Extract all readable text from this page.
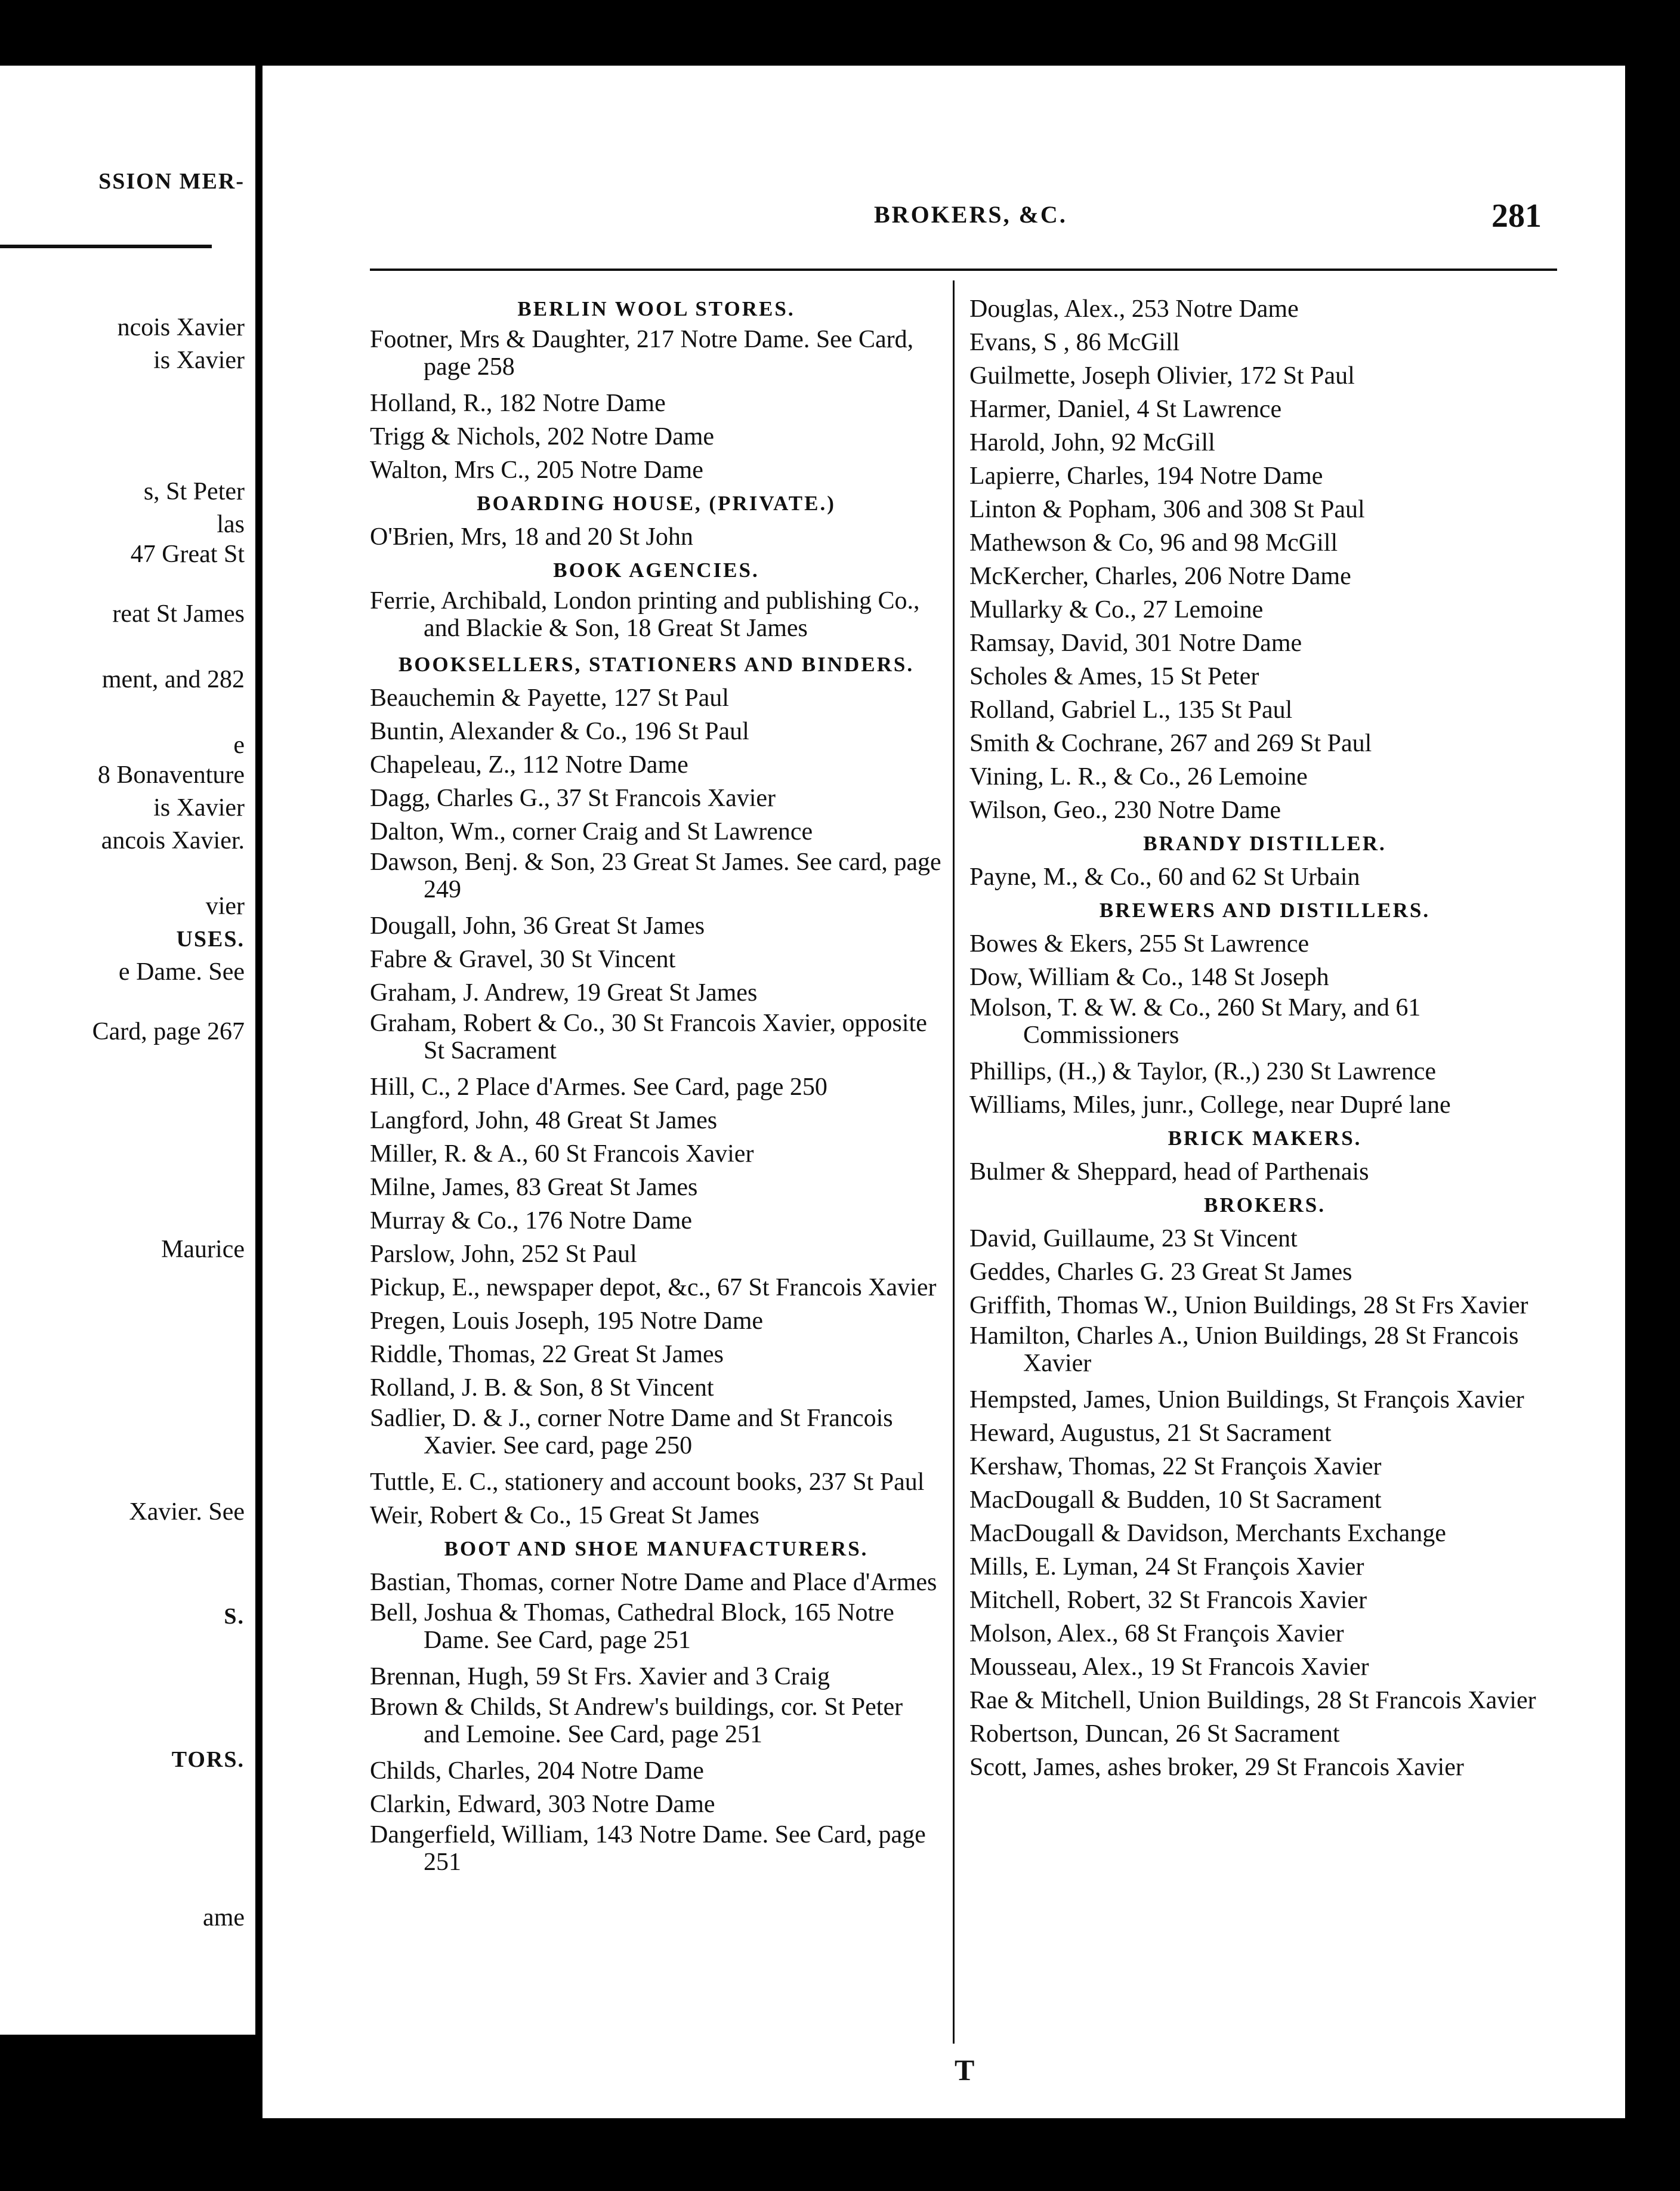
SSION MER-
ncois Xavier
is Xavier
s, St Peter
las
47 Great St
reat St James
ment, and 282
e
8 Bonaventure
is Xavier
ancois Xavier.
vier
USES.
e Dame. See
Card, page 267
Maurice
Xavier. See
S.
TORS.
ame
BROKERS, &C.	281
BERLIN WOOL STORES.
Footner, Mrs & Daughter, 217 Notre Dame. See Card, page 258
Holland, R., 182 Notre Dame
Trigg & Nichols, 202 Notre Dame
Walton, Mrs C., 205 Notre Dame
BOARDING HOUSE, (PRIVATE.)
O'Brien, Mrs, 18 and 20 St John
BOOK AGENCIES.
Ferrie, Archibald, London printing and publishing Co., and Blackie & Son, 18 Great St James
BOOKSELLERS, STATIONERS AND BINDERS.
Beauchemin & Payette, 127 St Paul
Buntin, Alexander & Co., 196 St Paul
Chapeleau, Z., 112 Notre Dame
Dagg, Charles G., 37 St Francois Xavier
Dalton, Wm., corner Craig and St Lawrence
Dawson, Benj. & Son, 23 Great St James. See card, page 249
Dougall, John, 36 Great St James
Fabre & Gravel, 30 St Vincent
Graham, J. Andrew, 19 Great St James
Graham, Robert & Co., 30 St Francois Xavier, opposite St Sacrament
Hill, C., 2 Place d'Armes. See Card, page 250
Langford, John, 48 Great St James
Miller, R. & A., 60 St Francois Xavier
Milne, James, 83 Great St James
Murray & Co., 176 Notre Dame
Parslow, John, 252 St Paul
Pickup, E., newspaper depot, &c., 67 St Francois Xavier
Pregen, Louis Joseph, 195 Notre Dame
Riddle, Thomas, 22 Great St James
Rolland, J. B. & Son, 8 St Vincent
Sadlier, D. & J., corner Notre Dame and St Francois Xavier. See card, page 250
Tuttle, E. C., stationery and account books, 237 St Paul
Weir, Robert & Co., 15 Great St James
BOOT AND SHOE MANUFACTURERS.
Bastian, Thomas, corner Notre Dame and Place d'Armes
Bell, Joshua & Thomas, Cathedral Block, 165 Notre Dame. See Card, page 251
Brennan, Hugh, 59 St Frs. Xavier and 3 Craig
Brown & Childs, St Andrew's buildings, cor. St Peter and Lemoine. See Card, page 251
Childs, Charles, 204 Notre Dame
Clarkin, Edward, 303 Notre Dame
Dangerfield, William, 143 Notre Dame. See Card, page 251
Douglas, Alex., 253 Notre Dame
Evans, S , 86 McGill
Guilmette, Joseph Olivier, 172 St Paul
Harmer, Daniel, 4 St Lawrence
Harold, John, 92 McGill
Lapierre, Charles, 194 Notre Dame
Linton & Popham, 306 and 308 St Paul
Mathewson & Co, 96 and 98 McGill
McKercher, Charles, 206 Notre Dame
Mullarky & Co., 27 Lemoine
Ramsay, David, 301 Notre Dame
Scholes & Ames, 15 St Peter
Rolland, Gabriel L., 135 St Paul
Smith & Cochrane, 267 and 269 St Paul
Vining, L. R., & Co., 26 Lemoine
Wilson, Geo., 230 Notre Dame
BRANDY DISTILLER.
Payne, M., & Co., 60 and 62 St Urbain
BREWERS AND DISTILLERS.
Bowes & Ekers, 255 St Lawrence
Dow, William & Co., 148 St Joseph
Molson, T. & W. & Co., 260 St Mary, and 61 Commissioners
Phillips, (H.,) & Taylor, (R.,) 230 St Lawrence
Williams, Miles, junr., College, near Dupré lane
BRICK MAKERS.
Bulmer & Sheppard, head of Parthenais
BROKERS.
David, Guillaume, 23 St Vincent
Geddes, Charles G. 23 Great St James
Griffith, Thomas W., Union Buildings, 28 St Frs Xavier
Hamilton, Charles A., Union Buildings, 28 St Francois Xavier
Hempsted, James, Union Buildings, St François Xavier
Heward, Augustus, 21 St Sacrament
Kershaw, Thomas, 22 St François Xavier
MacDougall & Budden, 10 St Sacrament
MacDougall & Davidson, Merchants Exchange
Mills, E. Lyman, 24 St François Xavier
Mitchell, Robert, 32 St Francois Xavier
Molson, Alex., 68 St François Xavier
Mousseau, Alex., 19 St Francois Xavier
Rae & Mitchell, Union Buildings, 28 St Francois Xavier
Robertson, Duncan, 26 St Sacrament
Scott, James, ashes broker, 29 St Francois Xavier
T
